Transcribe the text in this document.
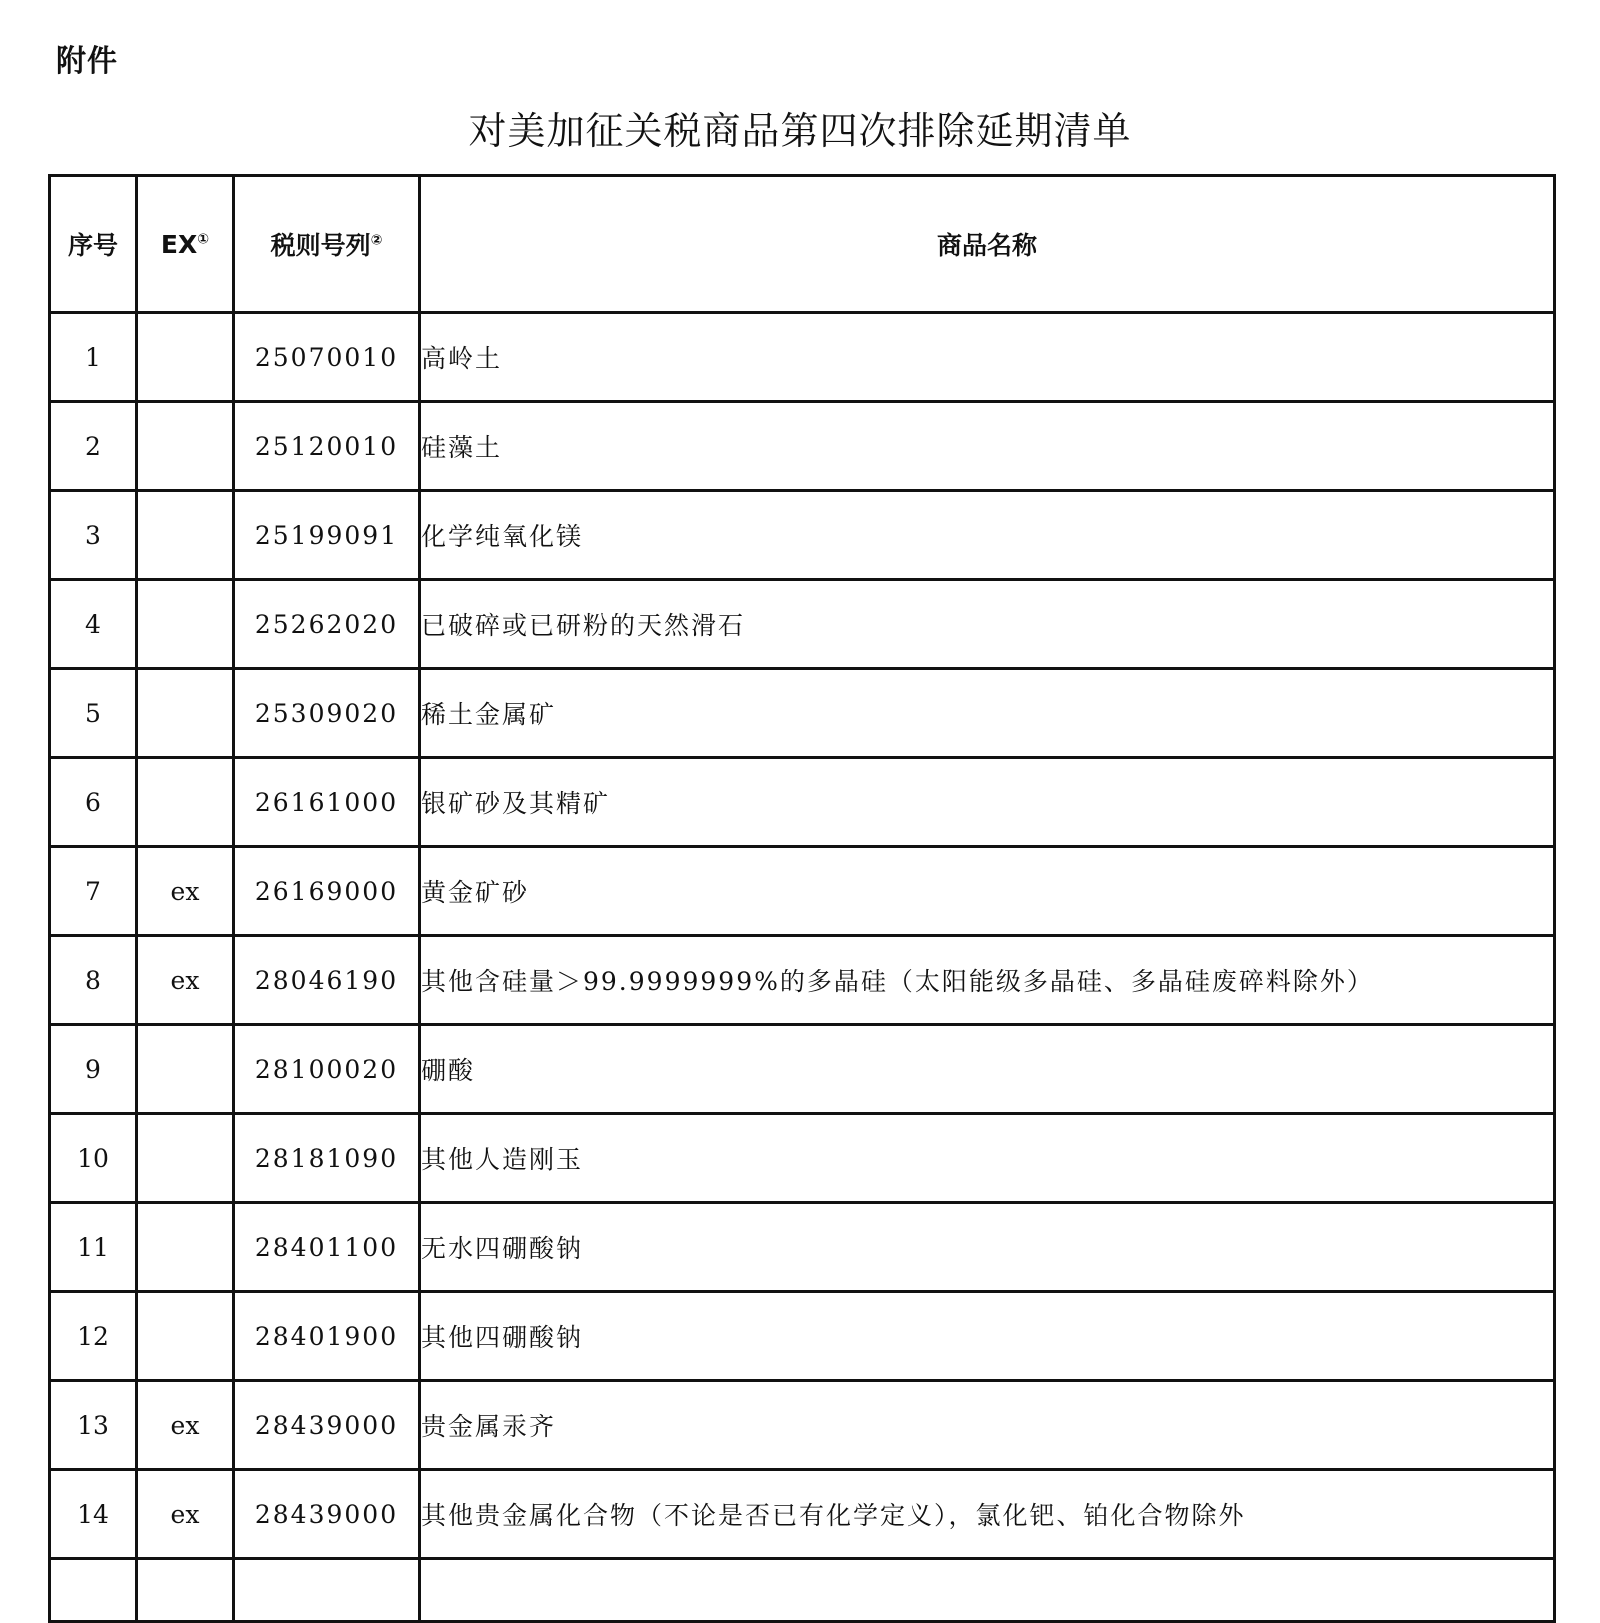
附件
对美加征关税商品第四次排除延期清单
序号	EX①	税则号列②	商品名称
1		25070010	高岭土
2		25120010	硅藻土
3		25199091	化学纯氧化镁
4		25262020	已破碎或已研粉的天然滑石
5		25309020	稀土金属矿
6		26161000	银矿砂及其精矿
7	ex	26169000	黄金矿砂
8	ex	28046190	其他含硅量＞99.9999999%的多晶硅（太阳能级多晶硅、多晶硅废碎料除外）
9		28100020	硼酸
10		28181090	其他人造刚玉
11		28401100	无水四硼酸钠
12		28401900	其他四硼酸钠
13	ex	28439000	贵金属汞齐
14	ex	28439000	其他贵金属化合物（不论是否已有化学定义），氯化钯、铂化合物除外
